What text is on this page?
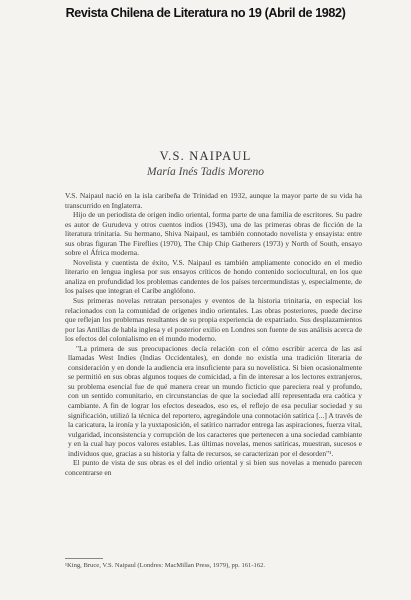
Revista Chilena de Literatura no 19 (Abril de 1982)
V.S. NAIPAUL
María Inés Tadis Moreno

V.S. Naipaul nació en la isla caribeña de Trinidad en 1932, aunque la mayor parte de su vida ha transcurrido en Inglaterra.

Hijo de un periodista de origen indio oriental, forma parte de una familia de escritores. Su padre es autor de Gurudeva y otros cuentos indios (1943), una de las primeras obras de ficción de la literatura trinitaria. Su hermano, Shiva Naipaul, es también connotado novelista y ensayista: entre sus obras figuran The Fireflies (1970), The Chip Chip Gatherers (1973) y North of South, ensayo sobre el África moderna.

Novelista y cuentista de éxito, V.S. Naipaul es también ampliamente conocido en el medio literario en lengua inglesa por sus ensayos críticos de hondo contenido sociocultural, en los que analiza en profundidad los problemas candentes de los países tercermundistas y, especialmente, de los países que integran el Caribe anglófono.

Sus primeras novelas retratan personajes y eventos de la historia trinitaria, en especial los relacionados con la comunidad de orígenes indio orientales. Las obras posteriores, puede decirse que reflejan los problemas resultantes de su propia experiencia de expatriado. Sus desplazamientos por las Antillas de habla inglesa y el posterior exilio en Londres son fuente de sus análisis acerca de los efectos del colonialismo en el mundo moderno.

"La primera de sus preocupaciones decía relación con el cómo escribir acerca de las así llamadas West Indies (Indias Occidentales), en donde no existía una tradición literaria de consideración y en donde la audiencia era insuficiente para su novelística. Si bien ocasionalmente se permitió en sus obras algunos toques de comicidad, a fin de interesar a los lectores extranjeros, su problema esencial fue de qué manera crear un mundo ficticio que pareciera real y profundo, con un sentido comunitario, en circunstancias de que la sociedad allí representada era caótica y cambiante. A fin de lograr los efectos deseados, eso es, el reflejo de esa peculiar sociedad y su significación, utilizó la técnica del reportero, agregándole una connotación satírica [...] A través de la caricatura, la ironía y la yuxtaposición, el satírico narrador entrega las aspiraciones, fuerza vital, vulgaridad, inconsistencia y corrupción de los caracteres que pertenecen a una sociedad cambiante y en la cual hay pocos valores estables. Las últimas novelas, menos satíricas, muestran, sucesos e individuos que, gracias a su historia y falta de recursos, se caracterizan por el desorden"¹.

El punto de vista de sus obras es el del indio oriental y si bien sus novelas a menudo parecen concentrarse en

¹King, Bruce, V.S. Naipaul (Londres: MacMillan Press, 1979), pp. 161-162.
